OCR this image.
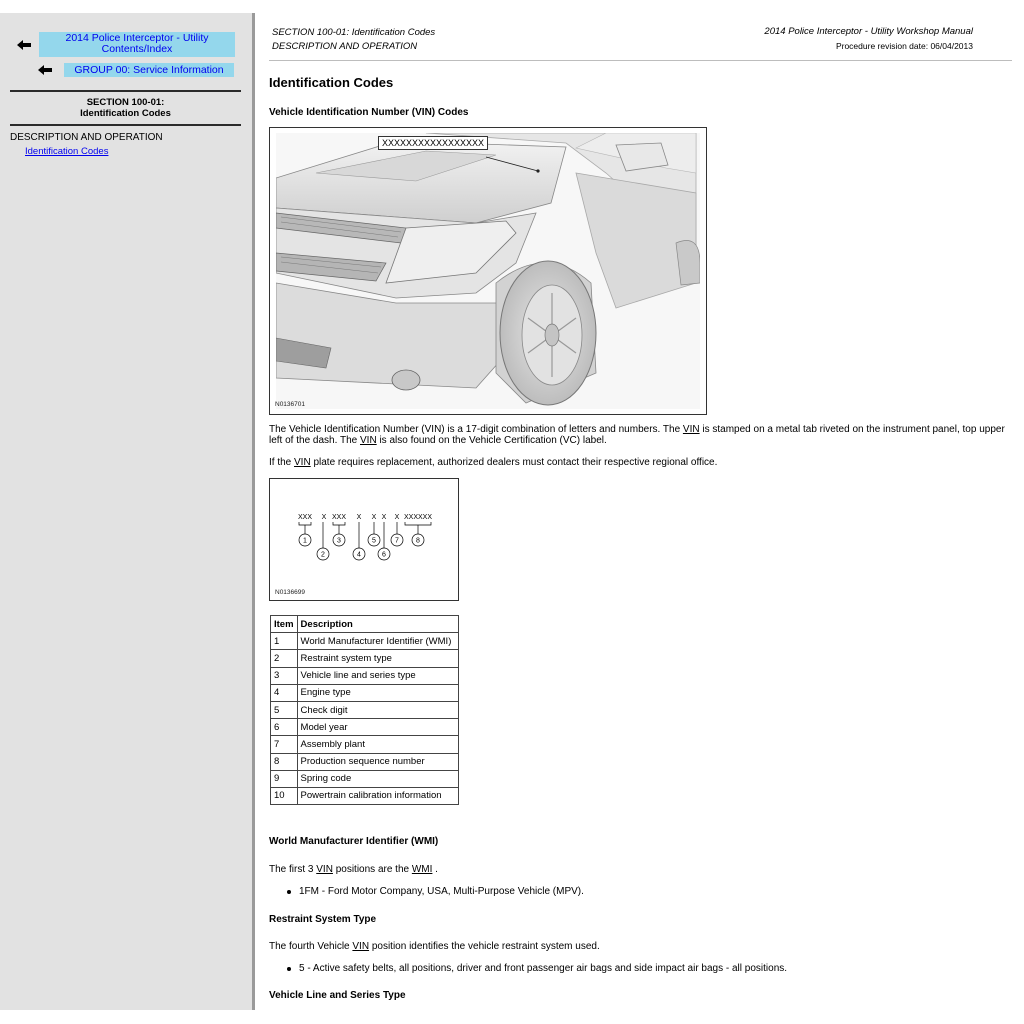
2014 Police Interceptor - Utility Contents/Index
GROUP 00: Service Information
SECTION 100-01:
Identification Codes
DESCRIPTION AND OPERATION
Identification Codes
SECTION 100-01: Identification Codes
DESCRIPTION AND OPERATION
2014 Police Interceptor - Utility Workshop Manual
Procedure revision date: 06/04/2013
Identification Codes
Vehicle Identification Number (VIN) Codes
XXXXXXXXXXXXXXXXX
N0136701
The Vehicle Identification Number (VIN) is a 17-digit combination of letters and numbers. The VIN is stamped on a metal tab riveted on the instrument panel, top upper left of the dash. The VIN is also found on the Vehicle Certification (VC) label.
If the VIN plate requires replacement, authorized dealers must contact their respective regional office.
XXX X XXX X X X X XXXXXX
1
2
3
4
5
6
7 8
N0136699
Item	Description
1	World Manufacturer Identifier (WMI)
2	Restraint system type
3	Vehicle line and series type
4	Engine type
5	Check digit
6	Model year
7	Assembly plant
8	Production sequence number
9	Spring code
10	Powertrain calibration information
World Manufacturer Identifier (WMI)
The first 3 VIN positions are the WMI .
1FM - Ford Motor Company, USA, Multi-Purpose Vehicle (MPV).
Restraint System Type
The fourth Vehicle VIN position identifies the vehicle restraint system used.
5 - Active safety belts, all positions, driver and front passenger air bags and side impact air bags - all positions.
Vehicle Line and Series Type
